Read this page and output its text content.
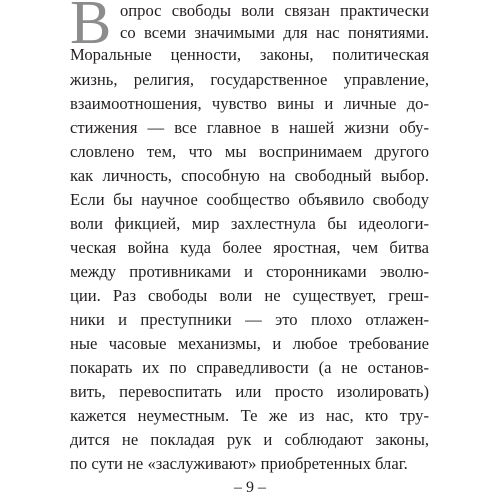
В опрос свободы воли связан практически
со всеми значимыми для нас понятиями.
Моральные ценности, законы, политическая
жизнь, религия, государственное управление,
взаимоотношения, чувство вины и личные до-
стижения — все главное в нашей жизни обу-
словлено тем, что мы воспринимаем другого
как личность, способную на свободный выбор.
Если бы научное сообщество объявило свободу
воли фикцией, мир захлестнула бы идеологи-
ческая война куда более яростная, чем битва
между противниками и сторонниками эволю-
ции. Раз свободы воли не существует, греш-
ники и преступники — это плохо отлажен-
ные часовые механизмы, и любое требование
покарать их по справедливости (а не останов-
вить, перевоспитать или просто изолировать)
кажется неуместным. Те же из нас, кто тру-
дится не покладая рук и соблюдают законы,
по сути не «заслуживают» приобретенных благ.
– 9 –
